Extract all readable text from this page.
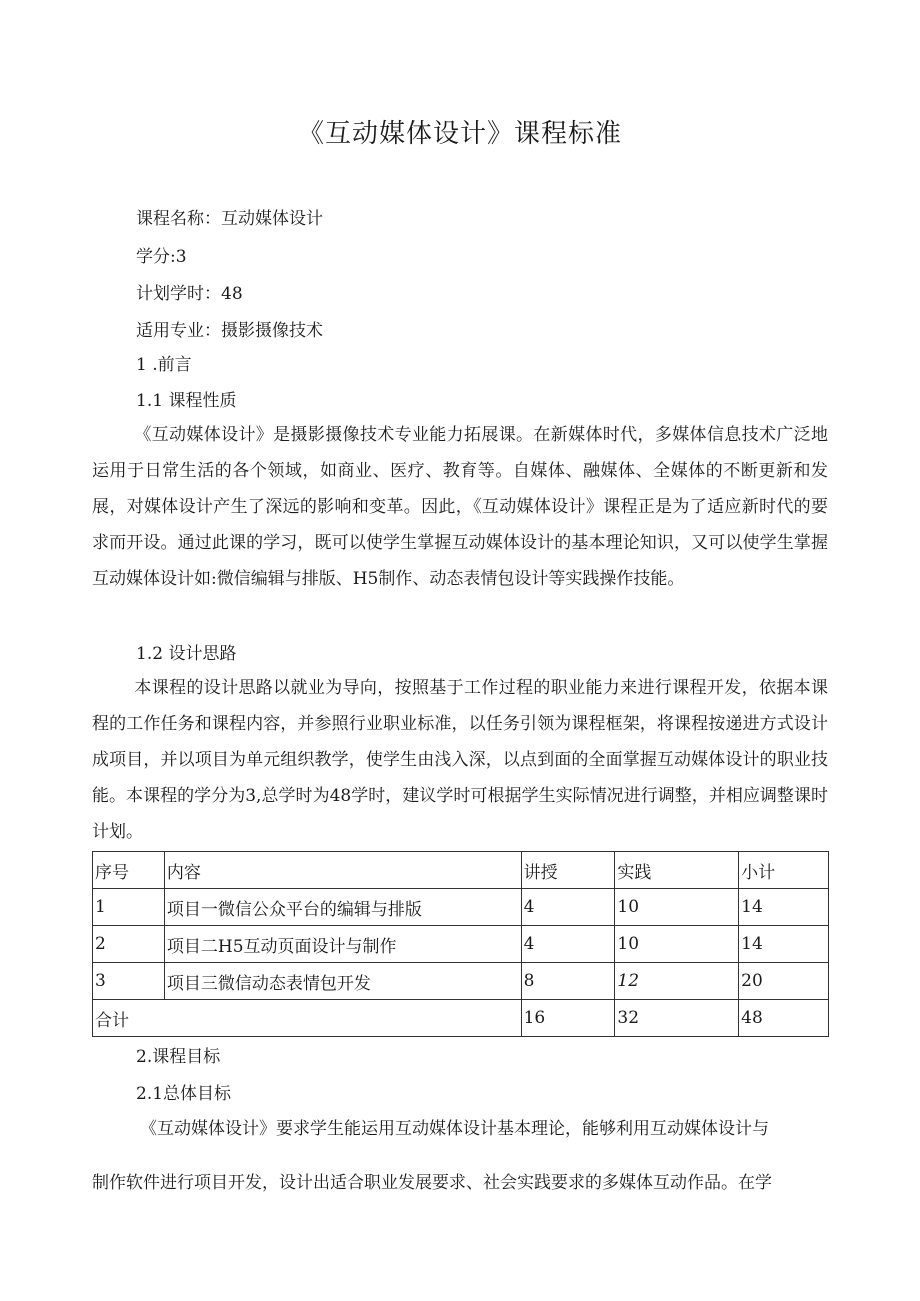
《互动媒体设计》课程标准
课程名称：互动媒体设计
学分:3
计划学时：48
适用专业：摄影摄像技术
1 .前言
1.1 课程性质
《互动媒体设计》是摄影摄像技术专业能力拓展课。在新媒体时代，多媒体信息技术广泛地运用于日常生活的各个领域，如商业、医疗、教育等。自媒体、融媒体、全媒体的不断更新和发展，对媒体设计产生了深远的影响和变革。因此，《互动媒体设计》课程正是为了适应新时代的要求而开设。通过此课的学习，既可以使学生掌握互动媒体设计的基本理论知识，又可以使学生掌握互动媒体设计如:微信编辑与排版、H5制作、动态表情包设计等实践操作技能。
1.2 设计思路
本课程的设计思路以就业为导向，按照基于工作过程的职业能力来进行课程开发，依据本课程的工作任务和课程内容，并参照行业职业标准，以任务引领为课程框架，将课程按递进方式设计成项目，并以项目为单元组织教学，使学生由浅入深，以点到面的全面掌握互动媒体设计的职业技能。本课程的学分为3,总学时为48学时，建议学时可根据学生实际情况进行调整，并相应调整课时计划。
序号	内容	讲授	实践	小计
1	项目一微信公众平台的编辑与排版	4	10	14
2	项目二H5互动页面设计与制作	4	10	14
3	项目三微信动态表情包开发	8	12	20
合计		16	32	48
2.课程目标
2.1总体目标
《互动媒体设计》要求学生能运用互动媒体设计基本理论，能够利用互动媒体设计与
制作软件进行项目开发，设计出适合职业发展要求、社会实践要求的多媒体互动作品。在学
